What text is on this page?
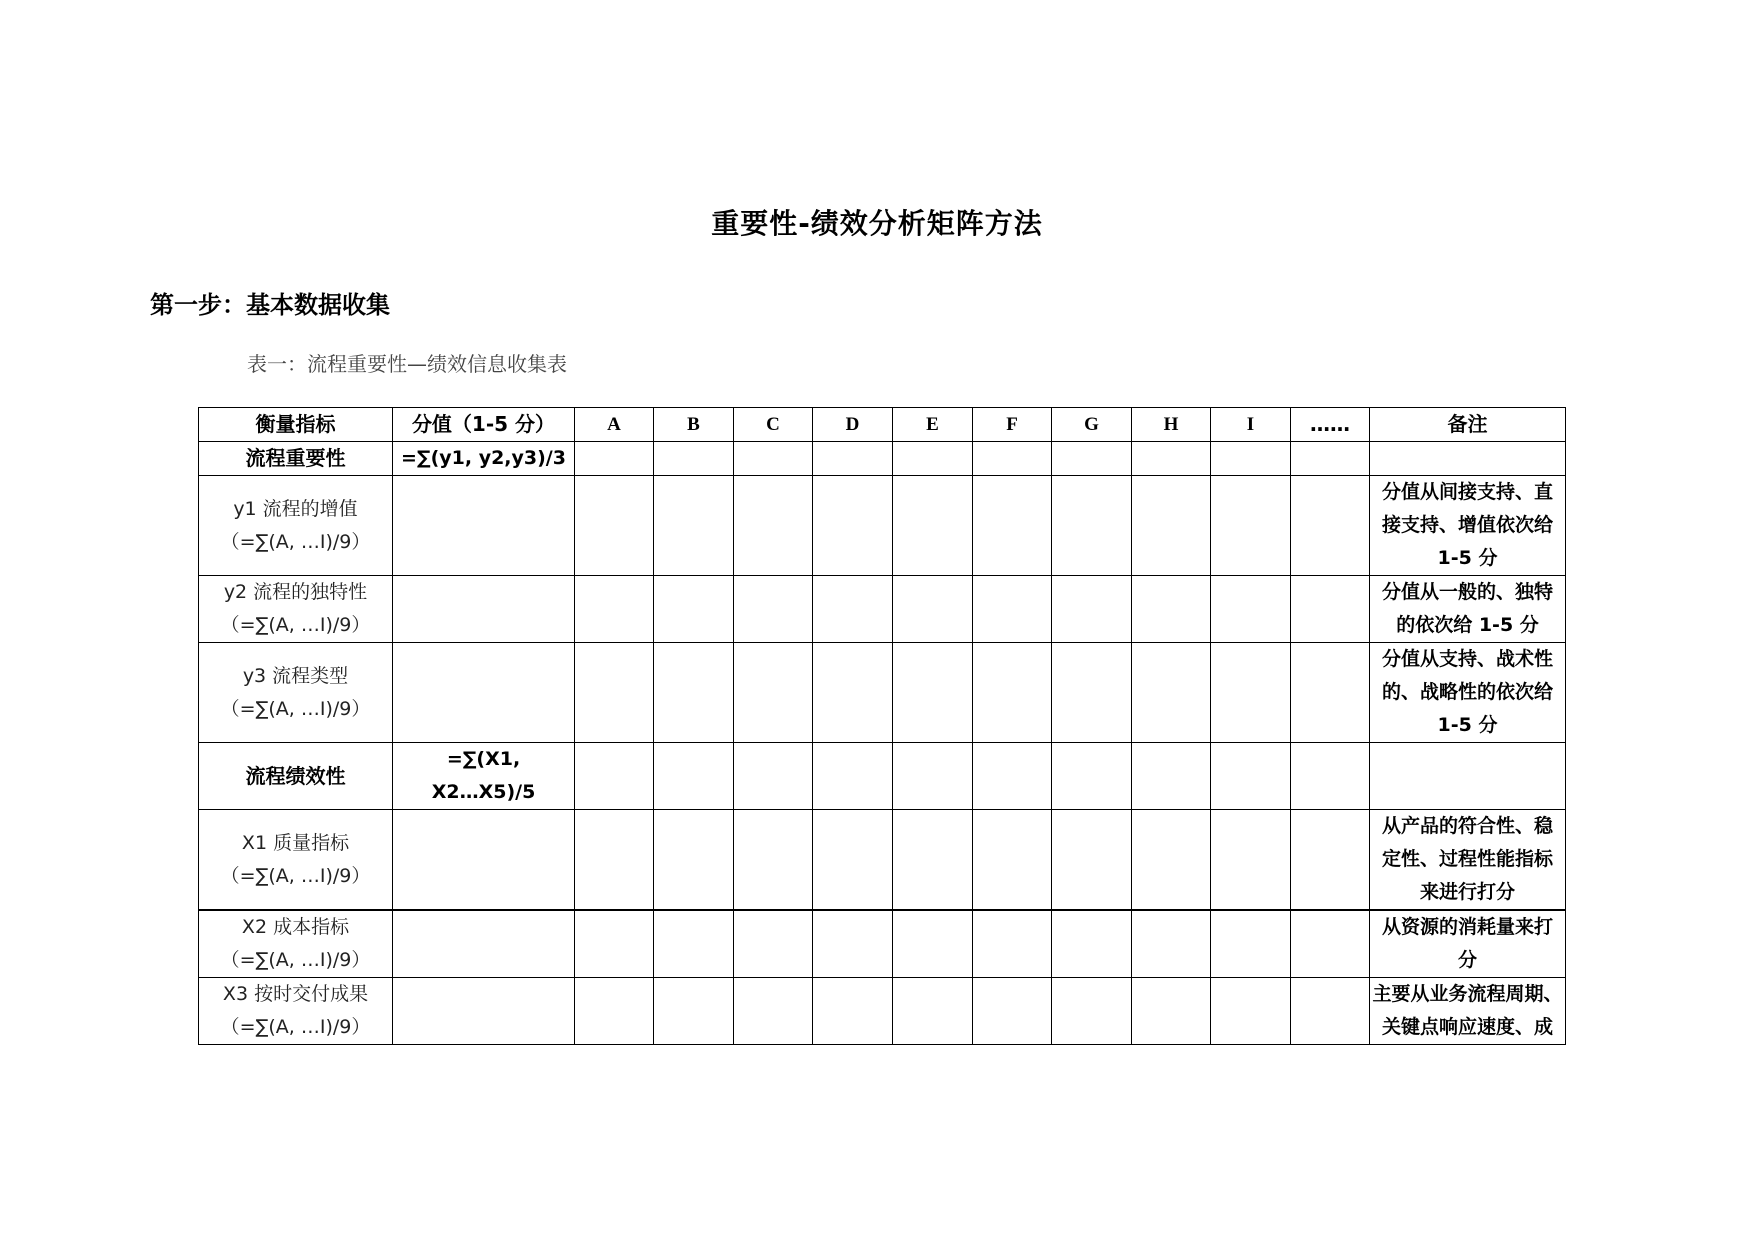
重要性-绩效分析矩阵方法
第一步：基本数据收集
表一：流程重要性—绩效信息收集表
衡量指标	分值（1-5 分）	A	B	C	D	E	F	G	H	I	……	备注

流程重要性	=∑(y1, y2,y3)/3											

y1 流程的增值
（=∑(A, …I)/9）												分值从间接支持、直
接支持、增值依次给
1-5 分

y2 流程的独特性
（=∑(A, …I)/9）												分值从一般的、独特
的依次给 1-5 分

y3 流程类型
（=∑(A, …I)/9）												分值从支持、战术性
的、战略性的依次给
1-5 分

流程绩效性	=∑(X1,
X2…X5)/5											

X1 质量指标
（=∑(A, …I)/9）												从产品的符合性、稳
定性、过程性能指标
来进行打分

X2 成本指标
（=∑(A, …I)/9）												从资源的消耗量来打
分

X3 按时交付成果
（=∑(A, …I)/9）												主要从业务流程周期、
关键点响应速度、成
